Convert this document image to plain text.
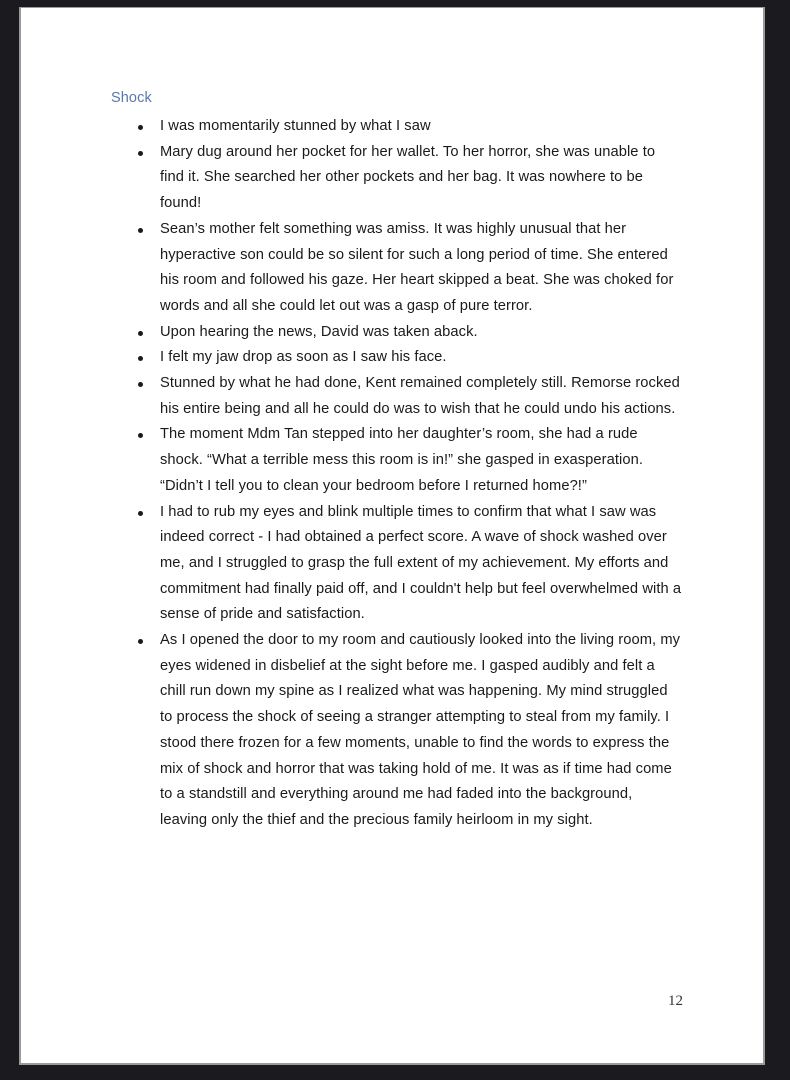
Shock

I was momentarily stunned by what I saw
Mary dug around her pocket for her wallet. To her horror, she was unable to find it. She searched her other pockets and her bag. It was nowhere to be found!
Sean’s mother felt something was amiss. It was highly unusual that her hyperactive son could be so silent for such a long period of time. She entered his room and followed his gaze. Her heart skipped a beat. She was choked for words and all she could let out was a gasp of pure terror.
Upon hearing the news, David was taken aback.
I felt my jaw drop as soon as I saw his face.
Stunned by what he had done, Kent remained completely still. Remorse rocked his entire being and all he could do was to wish that he could undo his actions.
The moment Mdm Tan stepped into her daughter’s room, she had a rude shock. “What a terrible mess this room is in!” she gasped in exasperation. “Didn’t I tell you to clean your bedroom before I returned home?!”
I had to rub my eyes and blink multiple times to confirm that what I saw was indeed correct - I had obtained a perfect score. A wave of shock washed over me, and I struggled to grasp the full extent of my achievement. My efforts and commitment had finally paid off, and I couldn't help but feel overwhelmed with a sense of pride and satisfaction.
As I opened the door to my room and cautiously looked into the living room, my eyes widened in disbelief at the sight before me. I gasped audibly and felt a chill run down my spine as I realized what was happening. My mind struggled to process the shock of seeing a stranger attempting to steal from my family. I stood there frozen for a few moments, unable to find the words to express the mix of shock and horror that was taking hold of me. It was as if time had come to a standstill and everything around me had faded into the background, leaving only the thief and the precious family heirloom in my sight.
12
